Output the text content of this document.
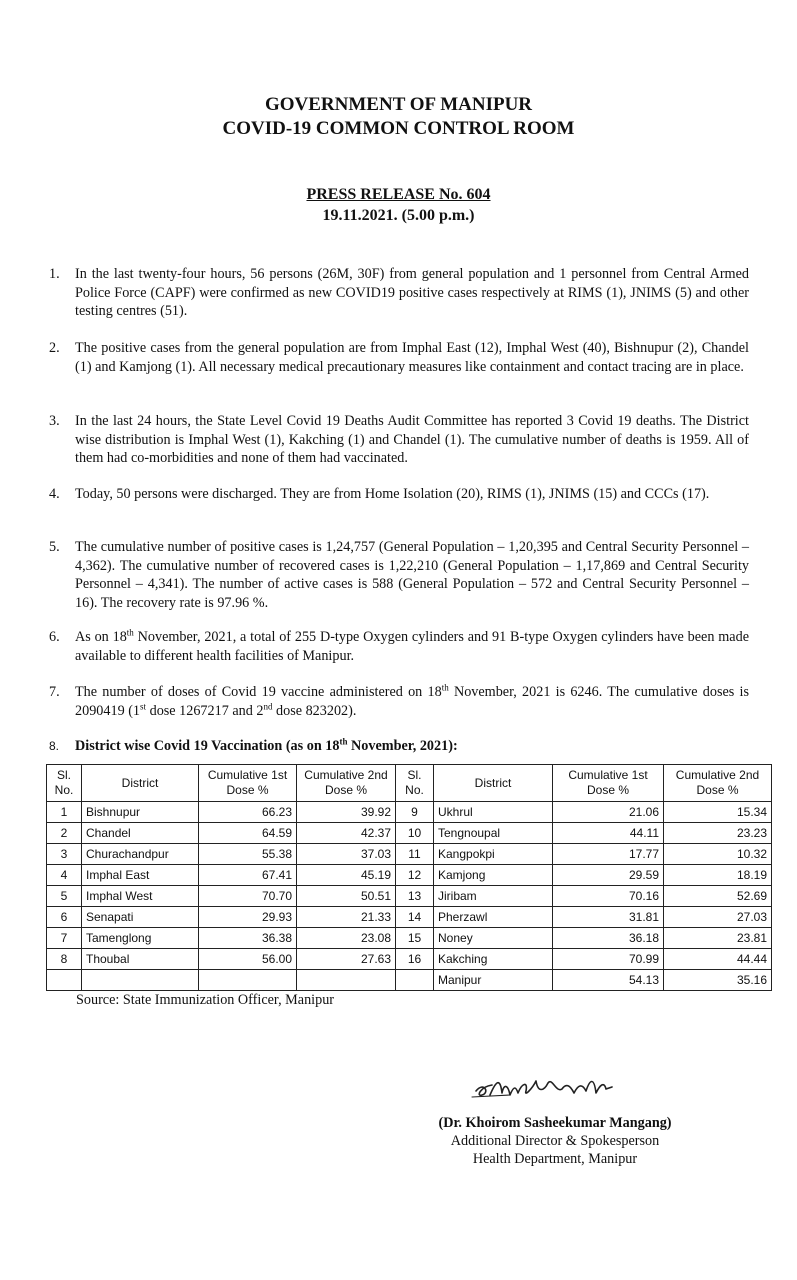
GOVERNMENT OF MANIPUR
COVID-19 COMMON CONTROL ROOM
PRESS RELEASE No. 604
19.11.2021. (5.00 p.m.)
1.	In the last twenty-four hours, 56 persons (26M, 30F) from general population and 1 personnel from Central Armed Police Force (CAPF) were confirmed as new COVID19 positive cases respectively at RIMS (1), JNIMS (5) and other testing centres (51).
2.	The positive cases from the general population are from Imphal East (12), Imphal West (40), Bishnupur (2), Chandel (1) and Kamjong (1). All necessary medical precautionary measures like containment and contact tracing are in place.
3.	In the last 24 hours, the State Level Covid 19 Deaths Audit Committee has reported 3 Covid 19 deaths. The District wise distribution is Imphal West (1), Kakching (1) and Chandel (1). The cumulative number of deaths is 1959. All of them had co-morbidities and none of them had vaccinated.
4.	Today, 50 persons were discharged. They are from Home Isolation (20), RIMS (1), JNIMS (15) and CCCs (17).
5.	The cumulative number of positive cases is 1,24,757 (General Population – 1,20,395 and Central Security Personnel – 4,362). The cumulative number of recovered cases is 1,22,210 (General Population – 1,17,869 and Central Security Personnel – 4,341). The number of active cases is 588 (General Population – 572 and Central Security Personnel – 16). The recovery rate is 97.96 %.
6.	As on 18th November, 2021, a total of 255 D-type Oxygen cylinders and 91 B-type Oxygen cylinders have been made available to different health facilities of Manipur.
7.	The number of doses of Covid 19 vaccine administered on 18th November, 2021 is 6246. The cumulative doses is 2090419 (1st dose 1267217 and 2nd dose 823202).
8. District wise Covid 19 Vaccination (as on 18th November, 2021):
Sl. No.	District	Cumulative 1st Dose %	Cumulative 2nd Dose %	Sl. No.	District	Cumulative 1st Dose %	Cumulative 2nd Dose %
1	Bishnupur	66.23	39.92	9	Ukhrul	21.06	15.34
2	Chandel	64.59	42.37	10	Tengnoupal	44.11	23.23
3	Churachandpur	55.38	37.03	11	Kangpokpi	17.77	10.32
4	Imphal East	67.41	45.19	12	Kamjong	29.59	18.19
5	Imphal West	70.70	50.51	13	Jiribam	70.16	52.69
6	Senapati	29.93	21.33	14	Pherzawl	31.81	27.03
7	Tamenglong	36.38	23.08	15	Noney	36.18	23.81
8	Thoubal	56.00	27.63	16	Kakching	70.99	44.44
					Manipur	54.13	35.16
Source: State Immunization Officer, Manipur
(Dr. Khoirom Sasheekumar Mangang)
Additional Director & Spokesperson
Health Department, Manipur
